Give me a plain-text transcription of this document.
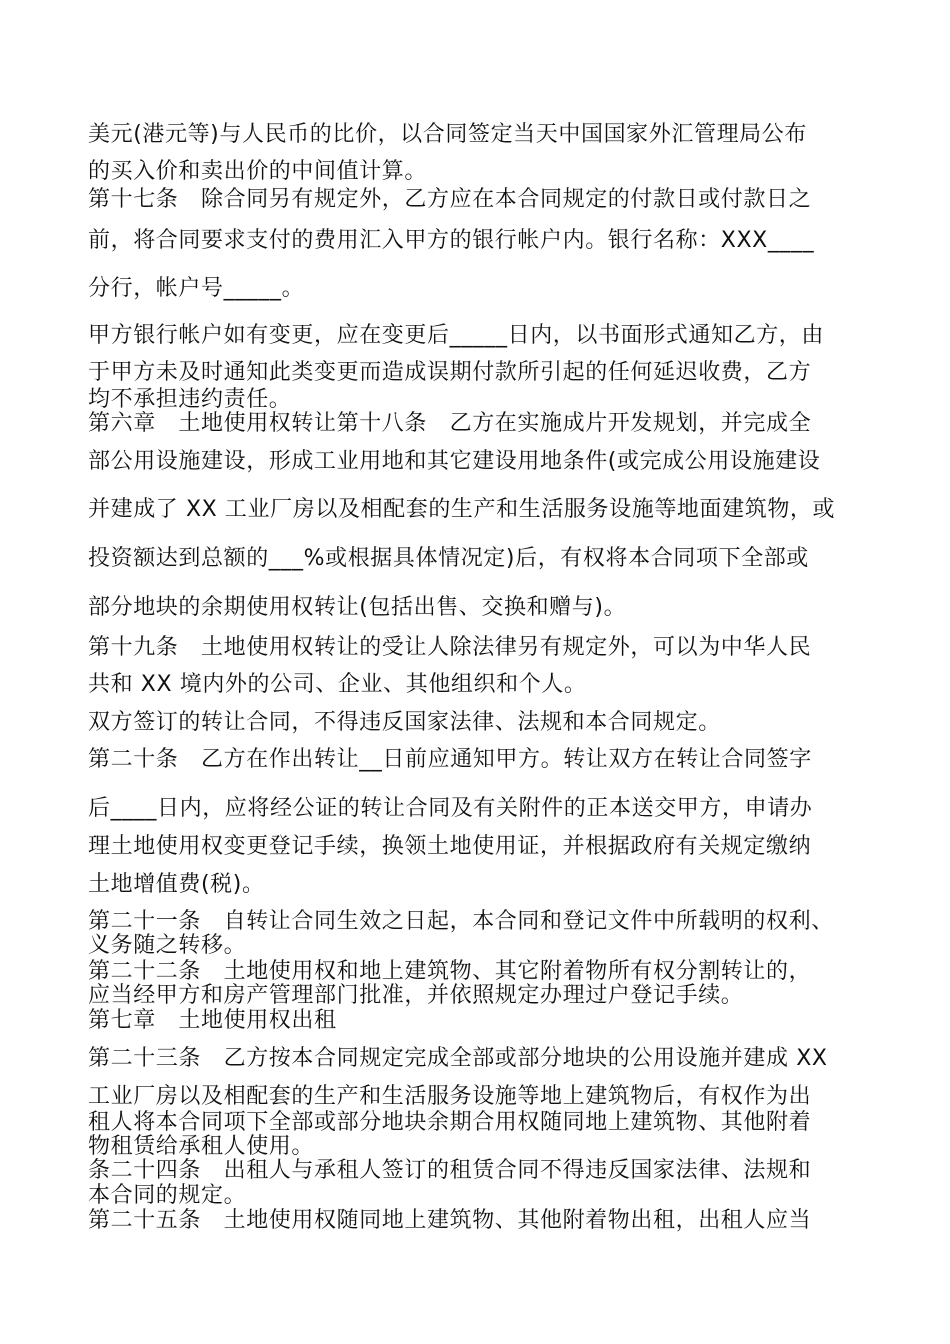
美元(港元等)与人民币的比价，以合同签定当天中国国家外汇管理局公布
的买入价和卖出价的中间值计算。
第十七条　除合同另有规定外，乙方应在本合同规定的付款日或付款日之
前，将合同要求支付的费用汇入甲方的银行帐户内。银行名称：XXX____
分行，帐户号_____。
甲方银行帐户如有变更，应在变更后_____日内，以书面形式通知乙方，由
于甲方未及时通知此类变更而造成误期付款所引起的任何延迟收费，乙方
均不承担违约责任。
第六章　土地使用权转让第十八条　乙方在实施成片开发规划，并完成全
部公用设施建设，形成工业用地和其它建设用地条件(或完成公用设施建设
并建成了 XX 工业厂房以及相配套的生产和生活服务设施等地面建筑物，或
投资额达到总额的___%或根据具体情况定)后，有权将本合同项下全部或
部分地块的余期使用权转让(包括出售、交换和赠与)。
第十九条　土地使用权转让的受让人除法律另有规定外，可以为中华人民
共和 XX 境内外的公司、企业、其他组织和个人。
双方签订的转让合同，不得违反国家法律、法规和本合同规定。
第二十条　乙方在作出转让__日前应通知甲方。转让双方在转让合同签字
后____日内，应将经公证的转让合同及有关附件的正本送交甲方，申请办
理土地使用权变更登记手续，换领土地使用证，并根据政府有关规定缴纳
土地增值费(税)。
第二十一条　自转让合同生效之日起，本合同和登记文件中所载明的权利、
义务随之转移。
第二十二条　土地使用权和地上建筑物、其它附着物所有权分割转让的，
应当经甲方和房产管理部门批准，并依照规定办理过户登记手续。
第七章　土地使用权出租
第二十三条　乙方按本合同规定完成全部或部分地块的公用设施并建成 XX
工业厂房以及相配套的生产和生活服务设施等地上建筑物后，有权作为出
租人将本合同项下全部或部分地块余期合用权随同地上建筑物、其他附着
物租赁给承租人使用。
条二十四条　出租人与承租人签订的租赁合同不得违反国家法律、法规和
本合同的规定。
第二十五条　土地使用权随同地上建筑物、其他附着物出租，出租人应当
